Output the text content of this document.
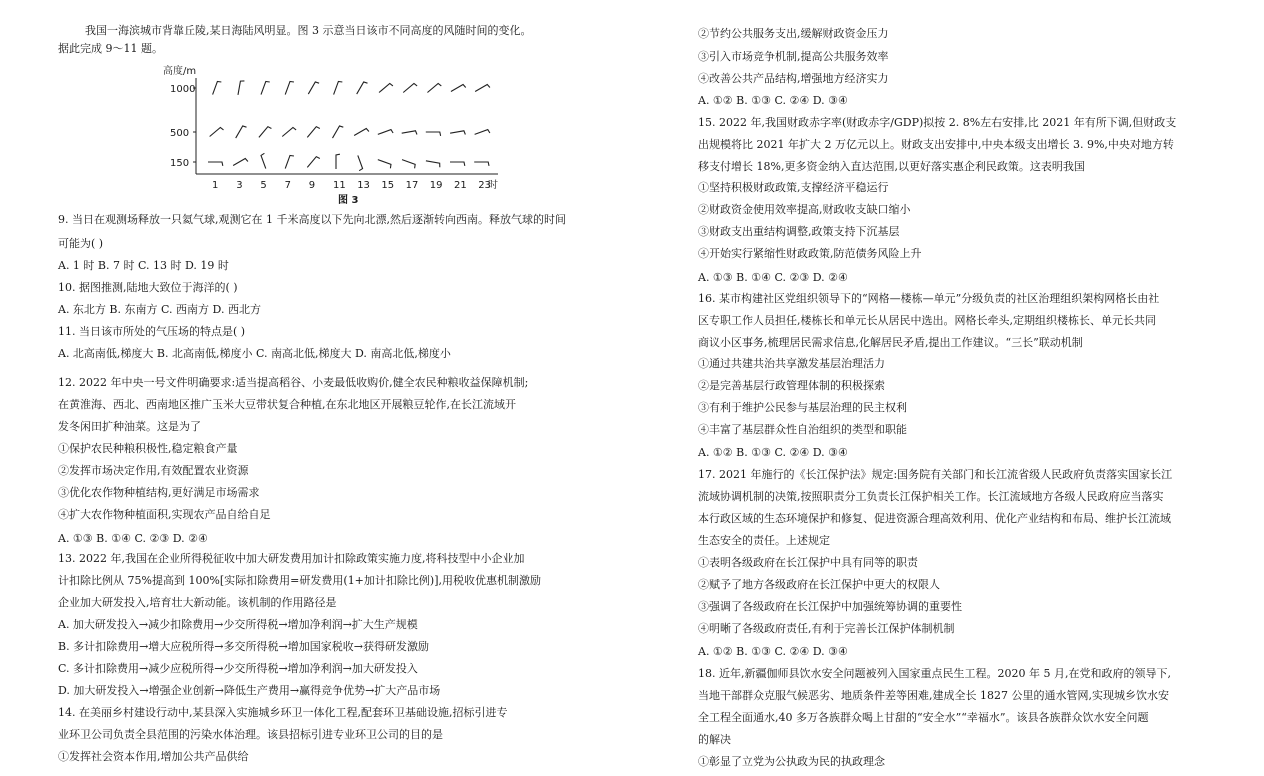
我国一海滨城市背靠丘陵,某日海陆风明显。图 3 示意当日该市不同高度的风随时间的变化。
据此完成 9～11 题。
高度/m
1000
500
150
1 3 5 7 9 11 13 15 17 19 21 23
时
图 3
9. 当日在观测场释放一只氦气球,观测它在 1 千米高度以下先向北漂,然后逐渐转向西南。释放气球的时间
可能为( )
A. 1 时 B. 7 时 C. 13 时 D. 19 时
10. 据图推测,陆地大致位于海洋的( )
A. 东北方 B. 东南方 C. 西南方 D. 西北方
11. 当日该市所处的气压场的特点是( )
A. 北高南低,梯度大 B. 北高南低,梯度小 C. 南高北低,梯度大 D. 南高北低,梯度小
12. 2022 年中央一号文件明确要求:适当提高稻谷、小麦最低收购价,健全农民种粮收益保障机制;
在黄淮海、西北、西南地区推广玉米大豆带状复合种植,在东北地区开展粮豆轮作,在长江流域开
发冬闲田扩种油菜。这是为了
①保护农民种粮积极性,稳定粮食产量
②发挥市场决定作用,有效配置农业资源
③优化农作物种植结构,更好满足市场需求
④扩大农作物种植面积,实现农产品自给自足
A. ①③ B. ①④ C. ②③ D. ②④
13. 2022 年,我国在企业所得税征收中加大研发费用加计扣除政策实施力度,将科技型中小企业加
计扣除比例从 75%提高到 100%[实际扣除费用=研发费用(1+加计扣除比例)],用税收优惠机制激励
企业加大研发投入,培育壮大新动能。该机制的作用路径是
A. 加大研发投入→减少扣除费用→少交所得税→增加净利润→扩大生产规模
B. 多计扣除费用→增大应税所得→多交所得税→增加国家税收→获得研发激励
C. 多计扣除费用→减少应税所得→少交所得税→增加净利润→加大研发投入
D. 加大研发投入→增强企业创新→降低生产费用→赢得竞争优势→扩大产品市场
14. 在美丽乡村建设行动中,某县深入实施城乡环卫一体化工程,配套环卫基础设施,招标引进专
业环卫公司负责全县范围的污染水体治理。该县招标引进专业环卫公司的目的是
①发挥社会资本作用,增加公共产品供给
②节约公共服务支出,缓解财政资金压力
③引入市场竞争机制,提高公共服务效率
④改善公共产品结构,增强地方经济实力
A. ①② B. ①③ C. ②④ D. ③④
15. 2022 年,我国财政赤字率(财政赤字/GDP)拟按 2. 8%左右安排,比 2021 年有所下调,但财政支
出规模将比 2021 年扩大 2 万亿元以上。财政支出安排中,中央本级支出增长 3. 9%,中央对地方转
移支付增长 18%,更多资金纳入直达范围,以更好落实惠企利民政策。这表明我国
①坚持积极财政政策,支撑经济平稳运行
②财政资金使用效率提高,财政收支缺口缩小
③财政支出重结构调整,政策支持下沉基层
④开始实行紧缩性财政政策,防范债务风险上升
A. ①③ B. ①④ C. ②③ D. ②④
16. 某市构建社区党组织领导下的“网格—楼栋—单元”分级负责的社区治理组织架构网格长由社
区专职工作人员担任,楼栋长和单元长从居民中选出。网格长牵头,定期组织楼栋长、单元长共同
商议小区事务,梳理居民需求信息,化解居民矛盾,提出工作建议。“三长”联动机制
①通过共建共治共享激发基层治理活力
②是完善基层行政管理体制的积极探索
③有利于维护公民参与基层治理的民主权利
④丰富了基层群众性自治组织的类型和职能
A. ①② B. ①③ C. ②④ D. ③④
17. 2021 年施行的《长江保护法》规定:国务院有关部门和长江流省级人民政府负责落实国家长江
流域协调机制的决策,按照职责分工负责长江保护相关工作。长江流域地方各级人民政府应当落实
本行政区域的生态环境保护和修复、促进资源合理高效利用、优化产业结构和布局、维护长江流域
生态安全的责任。上述规定
①表明各级政府在长江保护中具有同等的职责
②赋予了地方各级政府在长江保护中更大的权限人
③强调了各级政府在长江保护中加强统筹协调的重要性
④明晰了各级政府责任,有利于完善长江保护体制机制
A. ①② B. ①③ C. ②④ D. ③④
18. 近年,新疆伽师县饮水安全问题被列入国家重点民生工程。2020 年 5 月,在党和政府的领导下,
当地干部群众克服气候恶劣、地质条件差等困难,建成全长 1827 公里的通水管网,实现城乡饮水安
全工程全面通水,40 多万各族群众喝上甘甜的“安全水”“幸福水”。该县各族群众饮水安全问题
的解决
①彰显了立党为公执政为民的执政理念
